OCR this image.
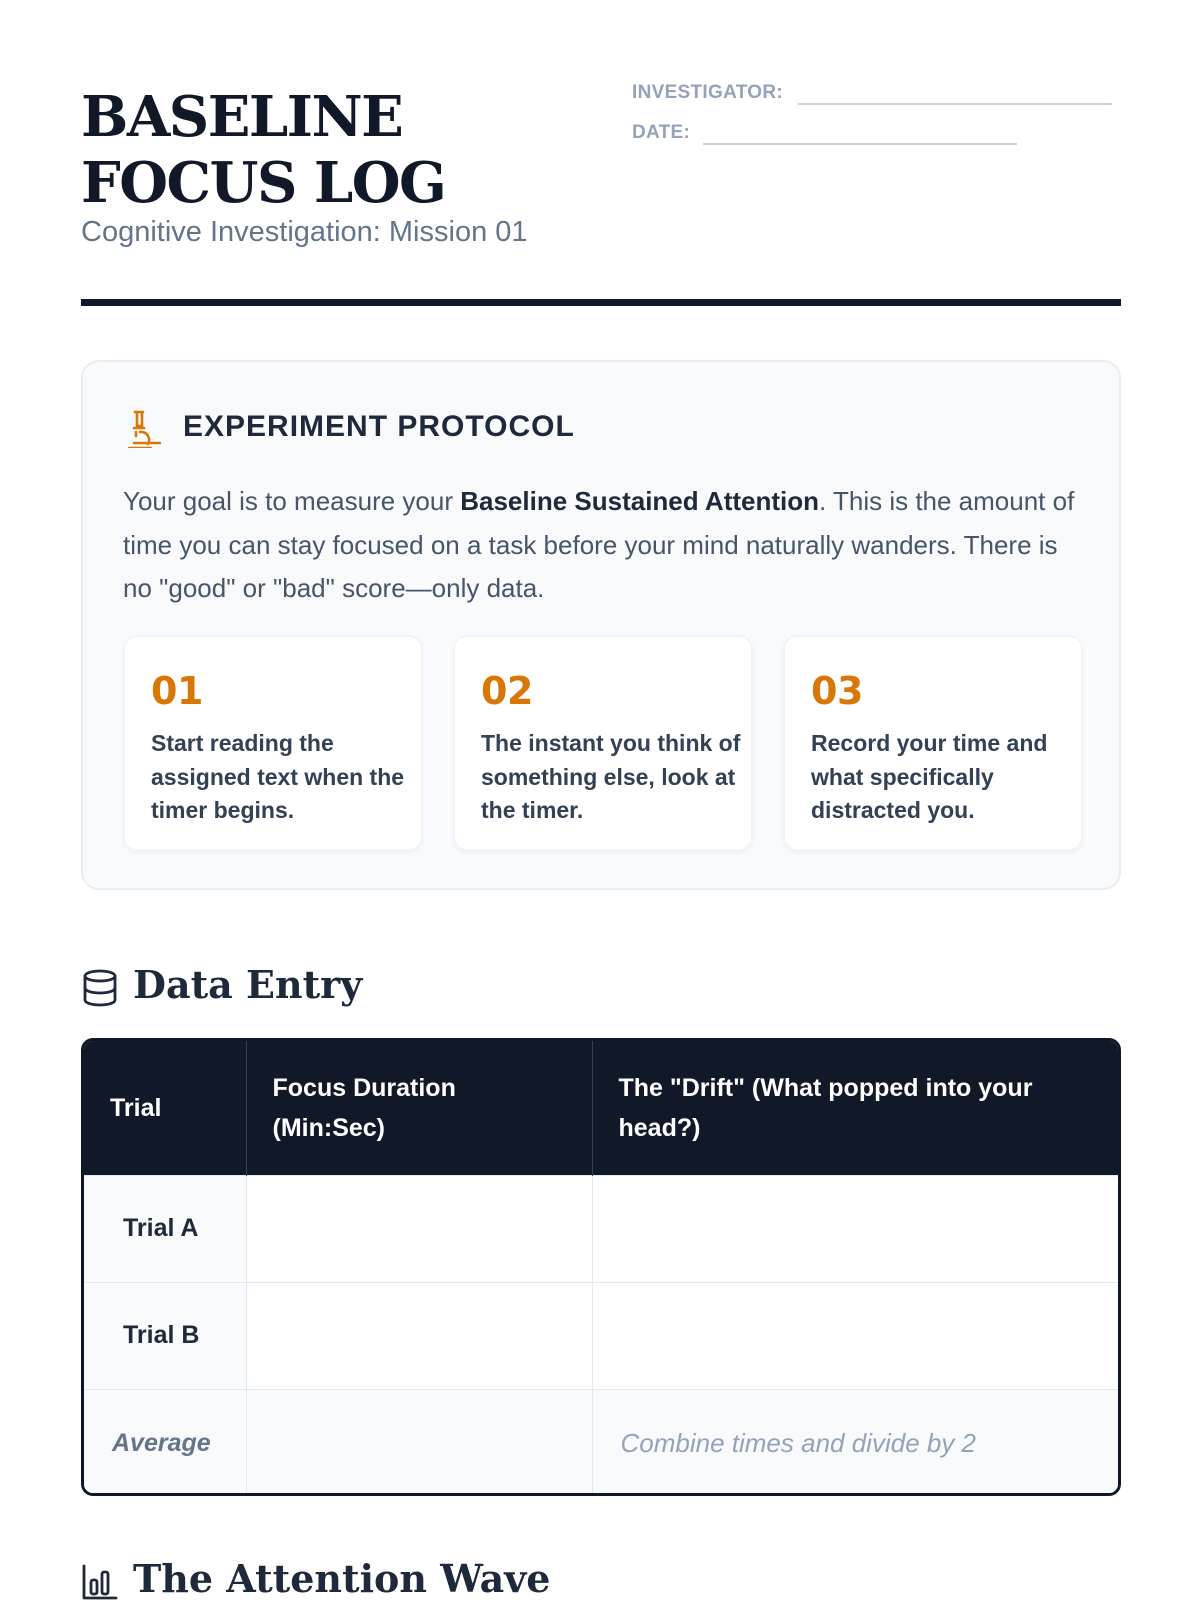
BASELINE FOCUS LOG
Cognitive Investigation: Mission 01
INVESTIGATOR:
DATE:
EXPERIMENT PROTOCOL

Your goal is to measure your Baseline Sustained Attention. This is the amount of time you can stay focused on a task before your mind naturally wanders. There is no "good" or "bad" score—only data.

01
Start reading the assigned text when the timer begins.
02
The instant you think of something else, look at the timer.
03
Record your time and what specifically distracted you.
Data Entry
Trial	Focus Duration (Min:Sec)	The "Drift" (What popped into your head?)
Trial A		
Trial B		
Average		Combine times and divide by 2
The Attention Wave
